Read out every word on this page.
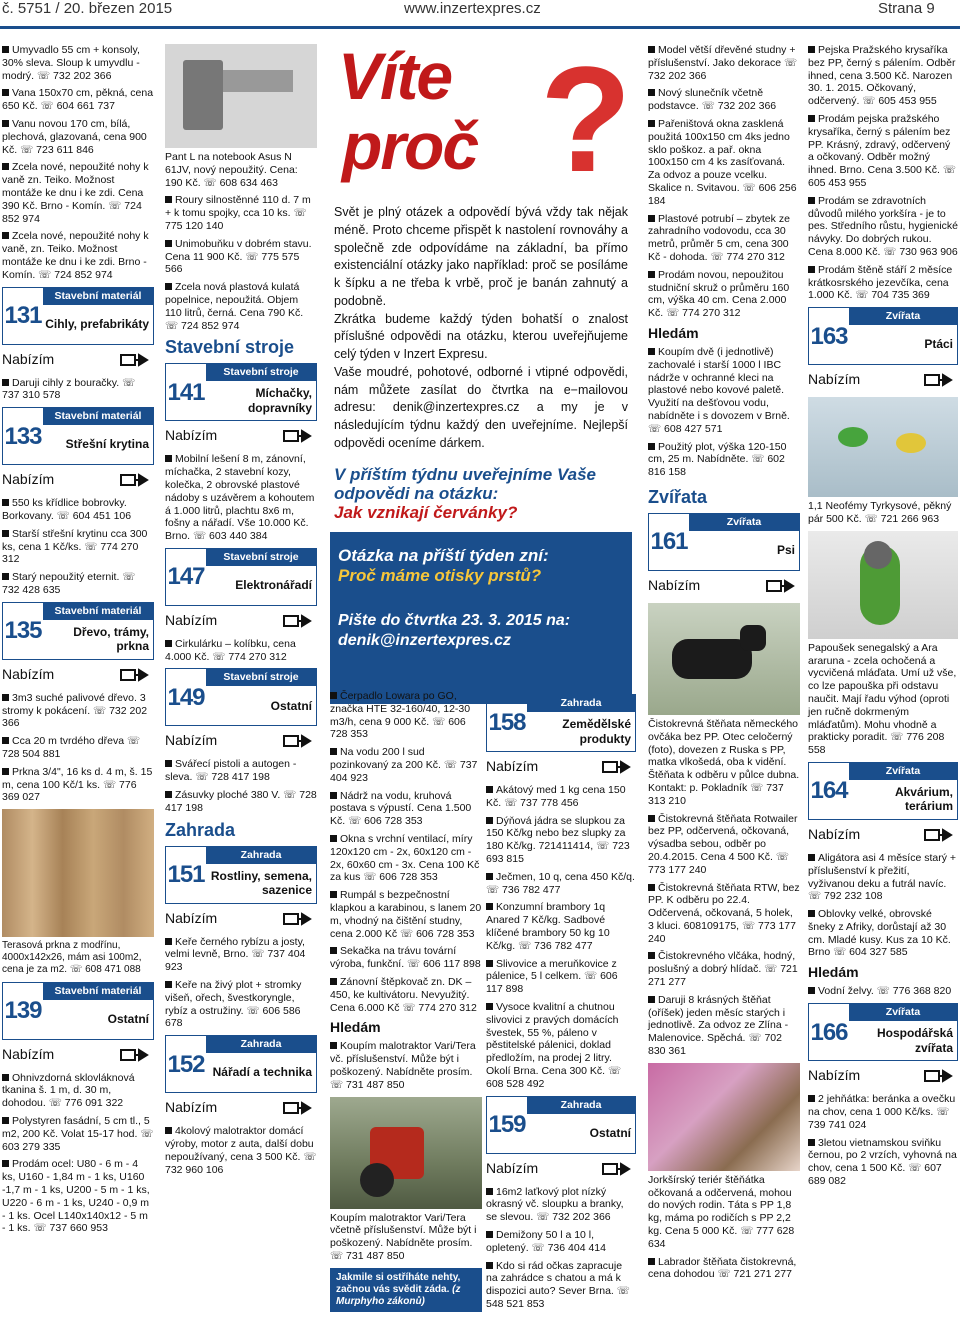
č. 5751 / 20. březen 2015	www.inzertexpres.cz	Strana 9
Umyvadlo 55 cm + konsoly, 30% sleva. Sloup k umyvdlu - modrý. ☏ 732 202 366
Vana 150x70 cm, pěkná, cena 650 Kč. ☏ 604 661 737
Vanu novou 170 cm, bílá, plechová, glazovaná, cena 900 Kč. ☏ 723 611 846
Zcela nové, nepoužité nohy k vaně zn. Teiko. Možnost montáže ke dnu i ke zdi. Cena 390 Kč. Brno - Komín. ☏ 724 852 974
Zcela nové, nepoužité nohy k vaně, zn. Teiko. Možnost montáže ke dnu i ke zdi. Brno - Komín. ☏ 724 852 974
131
Stavební materiál
Cihly, prefabrikáty
Nabízím
Daruji cihly z bouračky. ☏ 737 310 578
133
Stavební materiál
Střešní krytina
Nabízím
550 ks křídlice bobrovky. Borkovany. ☏ 604 451 106
Starší střešní krytinu cca 300 ks, cena 1 Kč/ks. ☏ 774 270 312
Starý nepoužitý eternit. ☏ 732 428 635
135
Stavební materiál
Dřevo, trámy, prkna
Nabízím
3m3 suché palivové dřevo. 3 stromy k pokácení. ☏ 732 202 366
Cca 20 m tvrdého dřeva ☏ 728 504 881
Prkna 3/4", 16 ks d. 4 m, š. 15 m, cena 100 Kč/1 ks. ☏ 776 369 027
Terasová prkna z modřínu, 4000x142x26, mám asi 100m2, cena je za m2. ☏ 608 471 088
139
Stavební materiál
Ostatní
Nabízím
Ohnivzdorná sklovláknová tkanina š. 1 m, d. 30 m, dohodou. ☏ 776 091 322
Polystyren fasádní, 5 cm tl., 5 m2, 200 Kč. Volat 15-17 hod. ☏ 603 279 335
Prodám ocel: U80 - 6 m - 4 ks, U160 - 1,84 m - 1 ks, U160 -1,7 m - 1 ks, U200 - 5 m - 1 ks, U220 - 6 m - 1 ks, U240 - 0,9 m - 1 ks. Ocel L140x140x12 - 5 m - 1 ks. ☏ 737 660 953
Pant L na notebook Asus N 61JV, nový nepoužitý. Cena: 190 Kč. ☏ 608 634 463
Roury silnostěnné 110 d. 7 m + k tomu spojky, cca 10 ks. ☏ 775 120 140
Unimobuňku v dobrém stavu. Cena 11 900 Kč. ☏ 775 575 566
Zcela nová plastová kulatá popelnice, nepoužitá. Objem 110 litrů, černá. Cena 790 Kč. ☏ 724 852 974
Stavební stroje
141
Stavební stroje
Míchačky, dopravníky
Nabízím
Mobilní lešení 8 m, zánovní, míchačka, 2 stavební kozy, kolečka, 2 obrovské plastové nádoby s uzávěrem a kohoutem á 1.000 litrů, plachtu 8x6 m, fošny a nářadí. Vše 10.000 Kč. Brno. ☏ 603 440 384
147
Stavební stroje
Elektronářadí
Nabízím
Cirkulárku – kolíbku, cena 4.000 Kč. ☏ 774 270 312
149
Stavební stroje
Ostatní
Nabízím
Svářecí pistoli a autogen - sleva. ☏ 728 417 198
Zásuvky ploché 380 V. ☏ 728 417 198
Zahrada
151
Zahrada
Rostliny, semena, sazenice
Nabízím
Keře černého rybízu a josty, velmi levně, Brno. ☏ 737 404 923
Keře na živý plot + stromky višeň, ořech, švestkoryngle, rybíz a ostružiny. ☏ 606 586 678
152
Zahrada
Nářadí a technika
Nabízím
4kolový malotraktor domácí výroby, motor z auta, další dobu nepoužívaný, cena 3 500 Kč. ☏ 732 960 106
Víte
proč ?

Svět je plný otázek a odpovědí bývá vždy tak nějak méně. Proto chceme přispět k nastolení rovnováhy a společně zde odpovídáme na základní, ba přímo existenciální otázky jako například: proč se posíláme k šípku a ne třeba k vrbě, proč je banán zahnutý a podobně.

Zkrátka budeme každý týden bohatší o znalost příslušné odpovědi na otázku, kterou uveřejňujeme celý týden v Inzert Expresu.

Vaše moudré, pohotové, odborné i vtipné odpovědi, nám můžete zasílat do čtvrtka na e−mailovou adresu: denik@inzertexpres.cz a my je v následujícím týdnu každý den uveřejníme. Nejlepší odpovědi oceníme dárkem.

V příštím týdnu uveřejníme Vaše odpovědi na otázku:
Jak vznikají červánky?
Otázka na příští týden zní:
Proč máme otisky prstů?
Pište do čtvrtka 23. 3. 2015 na: denik@inzertexpres.cz
Čerpadlo Lowara po GO, značka HTE 32-160/40, 12-30 m3/h, cena 9 000 Kč. ☏ 606 728 353
Na vodu 200 l sud pozinkovaný za 200 Kč. ☏ 737 404 923
Nádrž na vodu, kruhová postava s výpustí. Cena 1.500 Kč. ☏ 606 728 353
Okna s vrchní ventilací, míry 120x120 cm - 2x, 60x120 cm - 2x, 60x60 cm - 3x. Cena 100 Kč za kus ☏ 606 728 353
Rumpál s bezpečnostní klapkou a karabinou, s lanem 20 m, vhodný na čištění studny, cena 2.000 Kč ☏ 606 728 353
Sekačka na trávu tovární výroba, funkční. ☏ 606 117 898
Zánovní štěpkovač zn. DK – 450, ke kultivátoru. Nevyužitý. Cena 6.000 Kč ☏ 774 270 312
Hledám
Koupím malotraktor Vari/Tera vč. příslušenství. Může být i poškozený. Nabídněte prosím. ☏ 731 487 850
Koupím malotraktor Vari/Tera včetně příslušenství. Může být i poškozený. Nabídněte prosím. ☏ 731 487 850
Jakmile si ostříháte nehty, začnou vás svědit záda. (z Murphyho zákonů)
Model větší dřevěné studny + příslušenství. Jako dekorace ☏ 732 202 366
Nový slunečník včetně podstavce. ☏ 732 202 366
Pařeništová okna zasklená použitá 100x150 cm 4ks jedno sklo poškoz. a pař. okna 100x150 cm 4 ks zasíťovaná. Za odvoz a pouze vcelku. Skalice n. Svitavou. ☏ 606 256 184
Plastové potrubí – zbytek ze zahradního vodovodu, cca 30 metrů, průměr 5 cm, cena 300 Kč - dohoda. ☏ 774 270 312
Prodám novou, nepoužitou studniční skruž o průměru 160 cm, výška 40 cm. Cena 2.000 Kč. ☏ 774 270 312
Hledám
Koupím dvě (i jednotlivě) zachovalé i starší 1000 l IBC nádrže v ochranné kleci na plastové nebo kovové paletě. Využití na dešťovou vodu, nabídněte i s dovozem v Brně. ☏ 608 427 571
Použitý plot, výška 120-150 cm, 25 m. Nabídněte. ☏ 602 816 158
Zvířata
161
Zvířata
Psi
Nabízím
Čistokrevná štěňata německého ovčáka bez PP. Otec celočerný (foto), dovezen z Ruska s PP, matka vlkošedá, oba k vidění. Štěňata k odběru v půlce dubna. Kontakt: p. Pokladník ☏ 737 313 210
Čistokrevná štěňata Rotwailer bez PP, odčervená, očkovaná, výsadba sebou, odběr po 20.4.2015. Cena 4 500 Kč. ☏ 773 177 240
Čistokrevná štěňata RTW, bez PP. K odběru po 22.4. Odčervená, očkovaná, 5 holek, 3 kluci. 608109175, ☏ 773 177 240
Čistokrevného vlčáka, hodný, poslušný a dobrý hlídač. ☏ 721 271 277
Daruji 8 krásných štěňat (oříšek) jeden měsíc starých i jednotlivě. Za odvoz ze Zlína - Malenovice. Spěchá. ☏ 702 830 361
Jorkšírský teriér štěňátka očkovaná a odčervená, mohou do nových rodin. Táta s PP 1,8 kg, máma po rodičích s PP 2,2 kg. Cena 5 000 Kč. ☏ 777 628 634
Labrador štěňata čistokrevná, cena dohodou ☏ 721 271 277
158
Zahrada
Zemědělské produkty
Nabízím
Akátový med 1 kg cena 150 Kč. ☏ 737 778 456
Dýňová jádra se slupkou za 150 Kč/kg nebo bez slupky za 180 Kč/kg. 721411414, ☏ 723 693 815
Ječmen, 10 q, cena 450 Kč/q. ☏ 736 782 477
Konzumní brambory 1q Anared 7 Kč/kg. Sadbové klíčené brambory 50 kg 10 Kč/kg. ☏ 736 782 477
Slivovice a meruňkovice z pálenice, 5 l celkem. ☏ 606 117 898
Vysoce kvalitní a chutnou slivovici z pravých domácích švestek, 55 %, páleno v pěstitelské pálenici, doklad předložím, na prodej 2 litry. Okolí Brna. Cena 300 Kč. ☏ 608 528 492
159
Zahrada
Ostatní
Nabízím
16m2 laťkový plot nízký okrasný vč. sloupku a branky, se slevou. ☏ 732 202 366
Demižony 50 l a 10 l, opletený. ☏ 736 404 414
Kdo si rád očkas zapracuje na zahrádce s chatou a má k dispozici auto? Sever Brna. ☏ 548 521 853
Pejska Pražského krysaříka bez PP, černý s pálením. Odběr ihned, cena 3.500 Kč. Narozen 30. 1. 2015. Očkovaný, odčervený. ☏ 605 453 955
Prodám pejska pražského krysaříka, černý s pálením bez PP. Krásný, zdravý, odčervený a očkovaný. Odběr možný ihned. Brno. Cena 3.500 Kč. ☏ 605 453 955
Prodám se zdravotních důvodů milého yorkšíra - je to pes. Středního růstu, hygienické návyky. Do dobrých rukou. Cena 8.000 Kč. ☏ 730 963 906
Prodám štěně stáří 2 měsíce krátkosrského jezevčíka, cena 1.000 Kč. ☏ 704 735 369
163
Zvířata
Ptáci
Nabízím
1,1 Neofémy Tyrkysové, pěkný pár 500 Kč. ☏ 721 266 963
Papoušek senegalský a Ara araruna - zcela ochočená a vycvičená mláďata. Umí už vše, co lze papouška při odstavu naučit. Mají řadu výhod (oproti jen ručně dokrmeným mláďatům). Mohu vhodně a prakticky poradit. ☏ 776 208 558
164
Zvířata
Akvárium, terárium
Nabízím
Aligátora asi 4 měsíce starý + příslušenství k přežití, vyživanou deku a futrál navíc. ☏ 792 232 108
Oblovky velké, obrovské šneky z Afriky, dorůstají až 30 cm. Mladé kusy. Kus za 10 Kč. Brno ☏ 604 327 585
Hledám
Vodní želvy. ☏ 776 368 820
166
Zvířata
Hospodářská zvířata
Nabízím
2 jehňátka: beránka a ovečku na chov, cena 1 000 Kč/ks. ☏ 739 741 024
3letou vietnamskou sviňku černou, po 2 vrzích, vyhovná na chov, cena 1 500 Kč. ☏ 607 689 082
